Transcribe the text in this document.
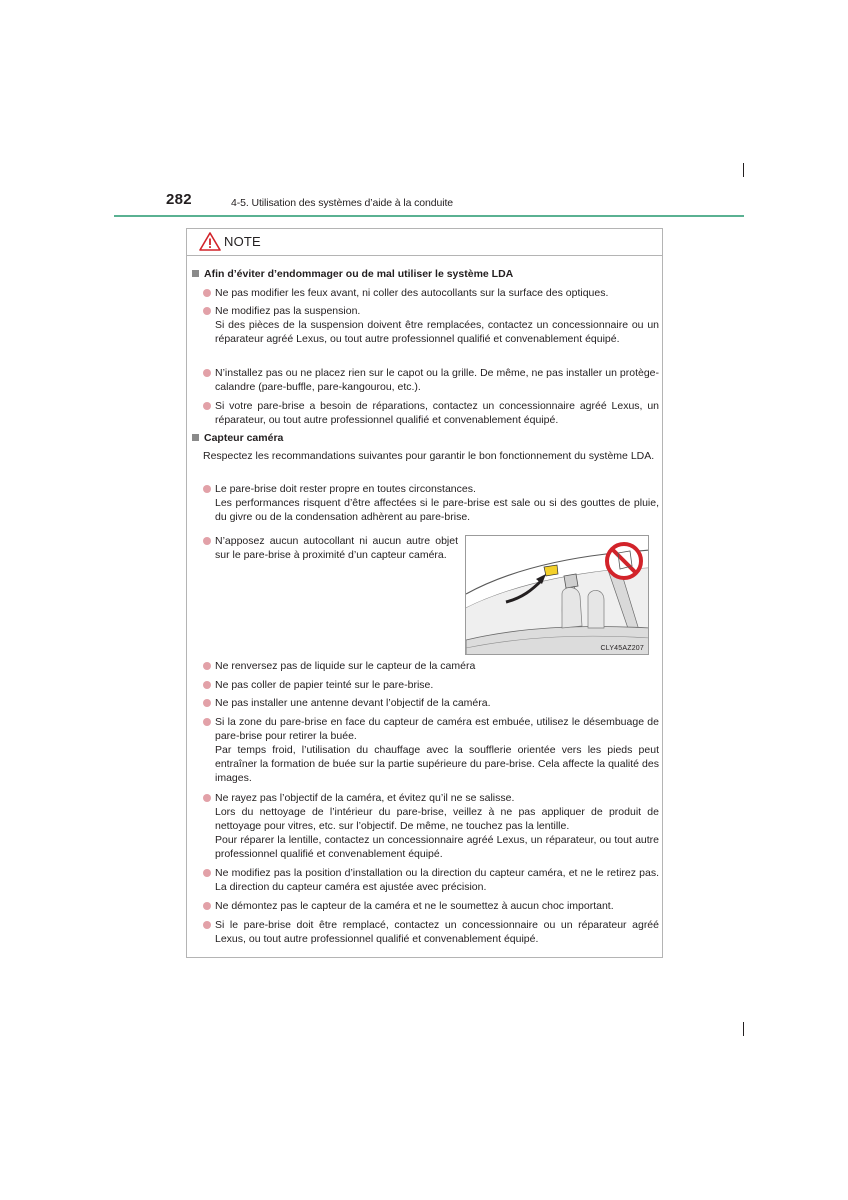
282	4-5. Utilisation des systèmes d’aide à la conduite
NOTE
Afin d’éviter d’endommager ou de mal utiliser le système LDA
Ne pas modifier les feux avant, ni coller des autocollants sur la surface des optiques.
Ne modifiez pas la suspension.
Si des pièces de la suspension doivent être remplacées, contactez un concessionnaire ou un réparateur agréé Lexus, ou tout autre professionnel qualifié et convenablement équipé.
N’installez pas ou ne placez rien sur le capot ou la grille. De même, ne pas installer un protège-calandre (pare-buffle, pare-kangourou, etc.).
Si votre pare-brise a besoin de réparations, contactez un concessionnaire agréé Lexus, un réparateur, ou tout autre professionnel qualifié et convenablement équipé.
Capteur caméra
Respectez les recommandations suivantes pour garantir le bon fonctionnement du système LDA.
Le pare-brise doit rester propre en toutes circonstances.
Les performances risquent d’être affectées si le pare-brise est sale ou si des gouttes de pluie, du givre ou de la condensation adhèrent au pare-brise.
N’apposez aucun autocollant ni aucun autre objet sur le pare-brise à proximité d’un capteur caméra.
CLY45AZ207
Ne renversez pas de liquide sur le capteur de la caméra
Ne pas coller de papier teinté sur le pare-brise.
Ne pas installer une antenne devant l’objectif de la caméra.
Si la zone du pare-brise en face du capteur de caméra est embuée, utilisez le désembuage de pare-brise pour retirer la buée.
Par temps froid, l’utilisation du chauffage avec la soufflerie orientée vers les pieds peut entraîner la formation de buée sur la partie supérieure du pare-brise. Cela affecte la qualité des images.
Ne rayez pas l’objectif de la caméra, et évitez qu’il ne se salisse.
Lors du nettoyage de l’intérieur du pare-brise, veillez à ne pas appliquer de produit de nettoyage pour vitres, etc. sur l’objectif. De même, ne touchez pas la lentille.
Pour réparer la lentille, contactez un concessionnaire agréé Lexus, un réparateur, ou tout autre professionnel qualifié et convenablement équipé.
Ne modifiez pas la position d’installation ou la direction du capteur caméra, et ne le retirez pas. La direction du capteur caméra est ajustée avec précision.
Ne démontez pas le capteur de la caméra et ne le soumettez à aucun choc important.
Si le pare-brise doit être remplacé, contactez un concessionnaire ou un réparateur agréé Lexus, ou tout autre professionnel qualifié et convenablement équipé.
